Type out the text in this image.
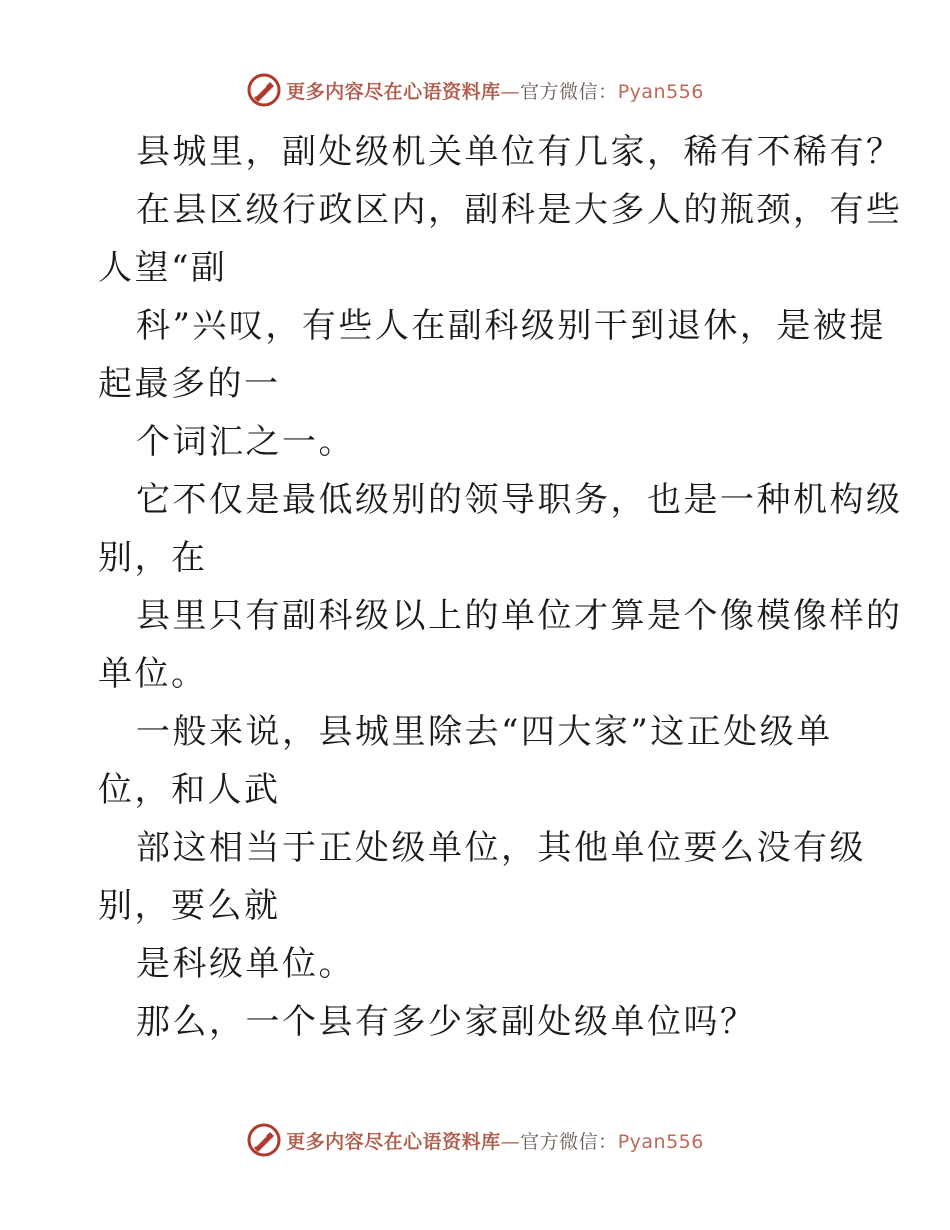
更多内容尽在心语资料库—官方微信：Pyan556
县城里，副处级机关单位有几家，稀有不稀有？
在县区级行政区内，副科是大多人的瓶颈，有些
人望“副
科”兴叹，有些人在副科级别干到退休，是被提
起最多的一
个词汇之一。
它不仅是最低级别的领导职务，也是一种机构级
别，在
县里只有副科级以上的单位才算是个像模像样的
单位。
一般来说，县城里除去“四大家”这正处级单
位，和人武
部这相当于正处级单位，其他单位要么没有级
别，要么就
是科级单位。
那么，一个县有多少家副处级单位吗？
更多内容尽在心语资料库—官方微信：Pyan556
